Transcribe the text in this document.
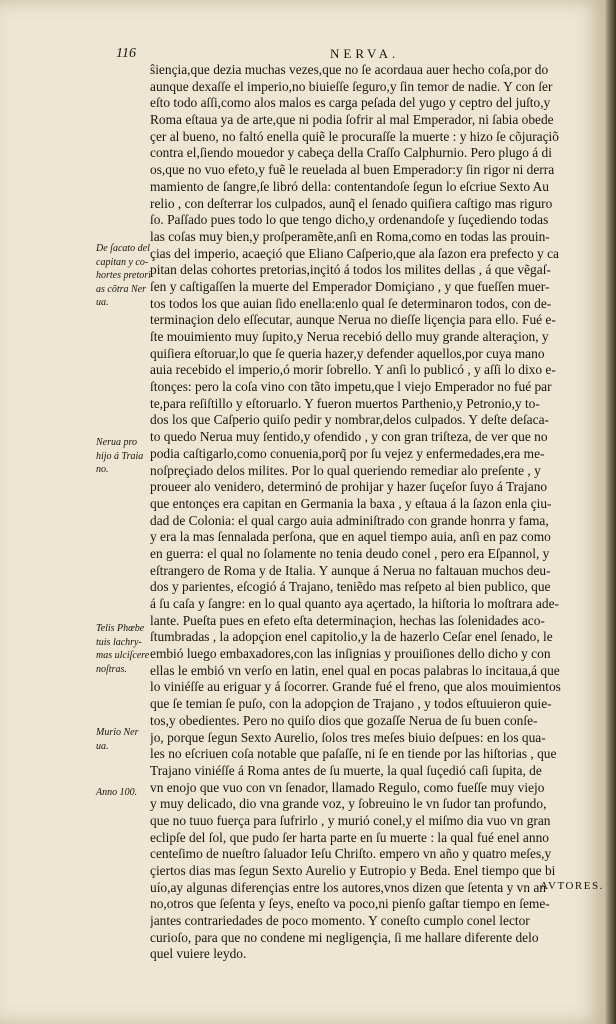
116	NERVA.
ŝiençia,que dezia muchas vezes,que no ſe acordaua auer hecho coſa,por do
aunque dexaſſe el imperio,no biuieſſe ſeguro,y ſin temor de nadie. Y con ſer
eſto todo aſſi,como alos malos es carga peſada del yugo y ceptro del juſto,y
Roma eſtaua ya de arte,que ni podia ſofrir al mal Emperador, ni ſabia obede
çer al bueno, no faltó enella quiẽ le procuraſſe la muerte : y hizo ſe cõjuraçiõ
contra el,ſiendo mouedor y cabeça della Craſſo Calphurnio. Pero plugo á di
os,que no vuo efeto,y fuẽ le reuelada al buen Emperador:y ſin rigor ni derra
mamiento de ſangre,ſe libró della: contentandoſe ſegun lo eſcriue Sexto Au
relio , con deſterrar los culpados, aunq̃ el ſenado quiſiera caſtigo mas riguro
ſo. Paſſado pues todo lo que tengo dicho,y ordenandoſe y ſuçediendo todas
las coſas muy bien,y proſperamẽte,anſi en Roma,como en todas las prouin-
çias del imperio, acaeçió que Eliano Caſperio,que ala ſazon era prefecto y ca
pitan delas cohortes pretorias,inçitó á todos los milites dellas , á que vẽgaſ-
ſen y caſtigaſſen la muerte del Emperador Domiçiano , y que fueſſen muer-
tos todos los que auian ſido enella:enlo qual ſe determinaron todos, con de-
terminaçion delo eſſecutar, aunque Nerua no dieſſe liçençia para ello. Fué e-
ſte mouimiento muy ſupito,y Nerua recebió dello muy grande alteraçion, y
quiſiera eſtoruar,lo que ſe queria hazer,y defender aquellos,por cuya mano
auia recebido el imperio,ó morir ſobrello. Y anſi lo publicó , y aſſi lo dixo e-
ſtonçes: pero la coſa vino con tãto impetu,que l viejo Emperador no fué par
te,para reſiſtillo y eſtoruarlo. Y fueron muertos Parthenio,y Petronio,y to-
dos los que Caſperio quiſo pedir y nombrar,delos culpados. Y deſte deſaca-
to quedo Nerua muy ſentido,y ofendido , y con gran triſteza, de ver que no
podia caſtigarlo,como conuenia,porq̃ por ſu vejez y enfermedades,era me-
noſpreçiado delos milites. Por lo qual queriendo remediar alo preſente , y
proueer alo venidero, determinó de prohijar y hazer ſuçeſor ſuyo á Trajano
que entonçes era capitan en Germania la baxa , y eſtaua á la ſazon enla çiu-
dad de Colonia: el qual cargo auia adminiſtrado con grande honrra y fama,
y era la mas ſennalada perſona, que en aquel tiempo auia, anſi en paz como
en guerra: el qual no ſolamente no tenia deudo conel , pero era Eſpannol, y
eſtrangero de Roma y de Italia. Y aunque á Nerua no faltauan muchos deu-
dos y parientes, eſcogió á Trajano, teniẽdo mas reſpeto al bien publico, que
á ſu caſa y ſangre: en lo qual quanto aya açertado, la hiſtoria lo moſtrara ade-
lante. Pueſta pues en efeto eſta determinaçion, hechas las ſolenidades aco-
ſtumbradas , la adopçion enel capitolio,y la de hazerlo Ceſar enel ſenado, le
embió luego embaxadores,con las inſignias y prouiſiones dello dicho y con
ellas le embió vn verſo en latin, enel qual en pocas palabras lo incitaua,á que
lo viniéſſe au eriguar y á ſocorrer. Grande fué el freno, que alos mouimientos
que ſe temian ſe puſo, con la adopçion de Trajano , y todos eſtuuieron quie-
tos,y obedientes. Pero no quiſo dios que gozaſſe Nerua de ſu buen conſe-
jo, porque ſegun Sexto Aurelio, ſolos tres meſes biuio deſpues: en los qua-
les no eſcriuen coſa notable que paſaſſe, ni ſe en tiende por las hiſtorias , que
Trajano viniéſſe á Roma antes de ſu muerte, la qual ſuçedió caſi ſupita, de
vn enojo que vuo con vn ſenador, llamado Regulo, como fueſſe muy viejo
y muy delicado, dio vna grande voz, y ſobreuino le vn ſudor tan profundo,
que no tuuo fuerça para ſufrirlo , y murió conel,y el miſmo dia vuo vn gran
eclipſe del ſol, que pudo ſer harta parte en ſu muerte : la qual fué enel anno
centeſimo de nueſtro ſaluador Ieſu Chriſto. empero vn año y quatro meſes,y
çiertos dias mas ſegun Sexto Aurelio y Eutropio y Beda. Enel tiempo que bi
uío,ay algunas diferençias entre los autores,vnos dizen que ſetenta y vn an
no,otros que ſeſenta y ſeys, eneſto va poco,ni pienſo gaſtar tiempo en ſeme-
jantes contrariedades de poco momento. Y coneſto cumplo conel lector
curioſo, para que no condene mi negligençia, ſi me hallare diferente delo
quel vuiere leydo.
De ſacato del
capitan y co-
hortes pretori
as cõtra Ner
ua.
Nerua pro
hijo á Traia
no.
Telis Phœbe
tuis lachry-
mas ulciſcere
noſtras.
Murio Ner
ua.
Anno 100.
AVTORES.
